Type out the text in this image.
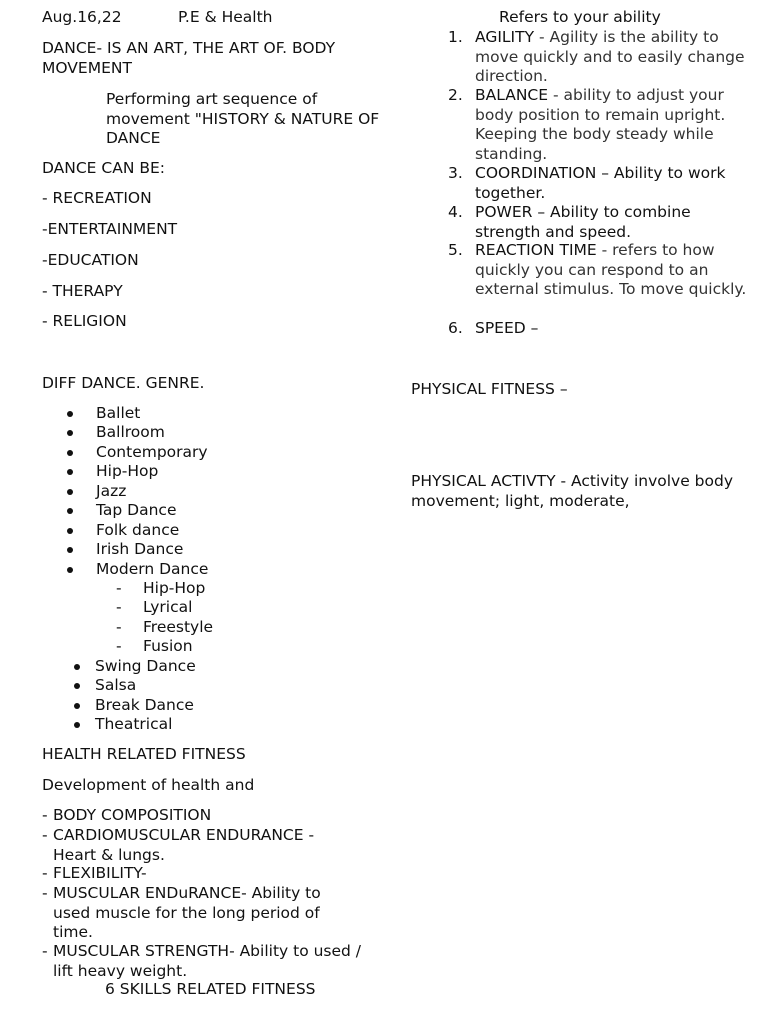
Aug.16,22	P.E & Health
DANCE- IS AN ART, THE ART OF. BODY MOVEMENT
Performing art sequence of movement "HISTORY & NATURE OF DANCE
DANCE CAN BE:
- RECREATION
-ENTERTAINMENT
-EDUCATION
- THERAPY
- RELIGION
DIFF DANCE. GENRE.
Ballet
Ballroom
Contemporary
Hip-Hop
Jazz
Tap Dance
Folk dance
Irish Dance
Modern Dance
- Hip-Hop
- Lyrical
- Freestyle
- Fusion
Swing Dance
Salsa
Break Dance
Theatrical
HEALTH RELATED FITNESS
Development of health and
- BODY COMPOSITION
- CARDIOMUSCULAR ENDURANCE - Heart & lungs.
- FLEXIBILITY-
- MUSCULAR ENDuRANCE- Ability to used muscle for the long period of time.
- MUSCULAR STRENGTH- Ability to used / lift heavy weight.
6 SKILLS RELATED FITNESS
Refers to your ability
1. AGILITY - Agility is the ability to move quickly and to easily change direction.
2. BALANCE - ability to adjust your body position to remain upright. Keeping the body steady while standing.
3. COORDINATION – Ability to work together.
4. POWER – Ability to combine strength and speed.
5. REACTION TIME - refers to how quickly you can respond to an external stimulus. To move quickly.
6. SPEED –
PHYSICAL FITNESS –
PHYSICAL ACTIVTY - Activity involve body movement; light, moderate,
